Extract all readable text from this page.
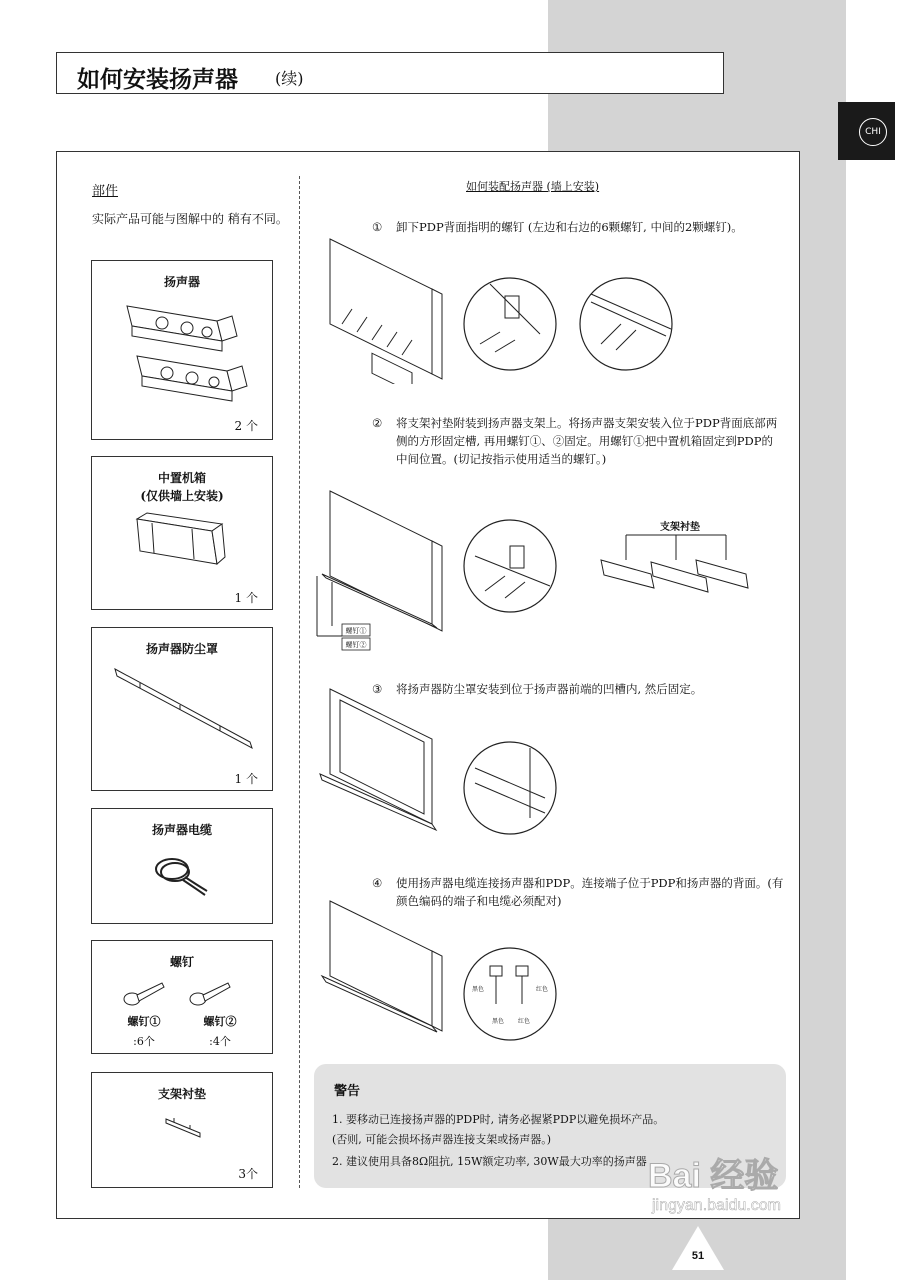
CHI
如何安装扬声器 (续)
部件
实际产品可能与图解中的 稍有不同。
扬声器
2 个
中置机箱
(仅供墙上安装)
1 个
扬声器防尘罩
1 个
扬声器电缆
螺钉
螺钉①
:6个
螺钉②
:4个
支架衬垫
3个
如何装配扬声器 (墙上安装)
① 卸下PDP背面指明的螺钉 (左边和右边的6颗螺钉, 中间的2颗螺钉)。
② 将支架衬垫附装到扬声器支架上。将扬声器支架安装入位于PDP背面底部两侧的方形固定槽, 再用螺钉①、②固定。用螺钉①把中置机箱固定到PDP的中间位置。(切记按指示使用适当的螺钉。)
螺钉①
螺钉②
支架衬垫
③ 将扬声器防尘罩安装到位于扬声器前端的凹槽内, 然后固定。
④ 使用扬声器电缆连接扬声器和PDP。连接端子位于PDP和扬声器的背面。(有颜色编码的端子和电缆必须配对)
黑色	红色
黑色 红色
警告
1. 要移动已连接扬声器的PDP时, 请务必握紧PDP以避免损坏产品。
(否则, 可能会损坏扬声器连接支架或扬声器。)
2. 建议使用具备8Ω阻抗, 15W额定功率, 30W最大功率的扬声器 Bai 经验
jingyan.baidu.com
51
